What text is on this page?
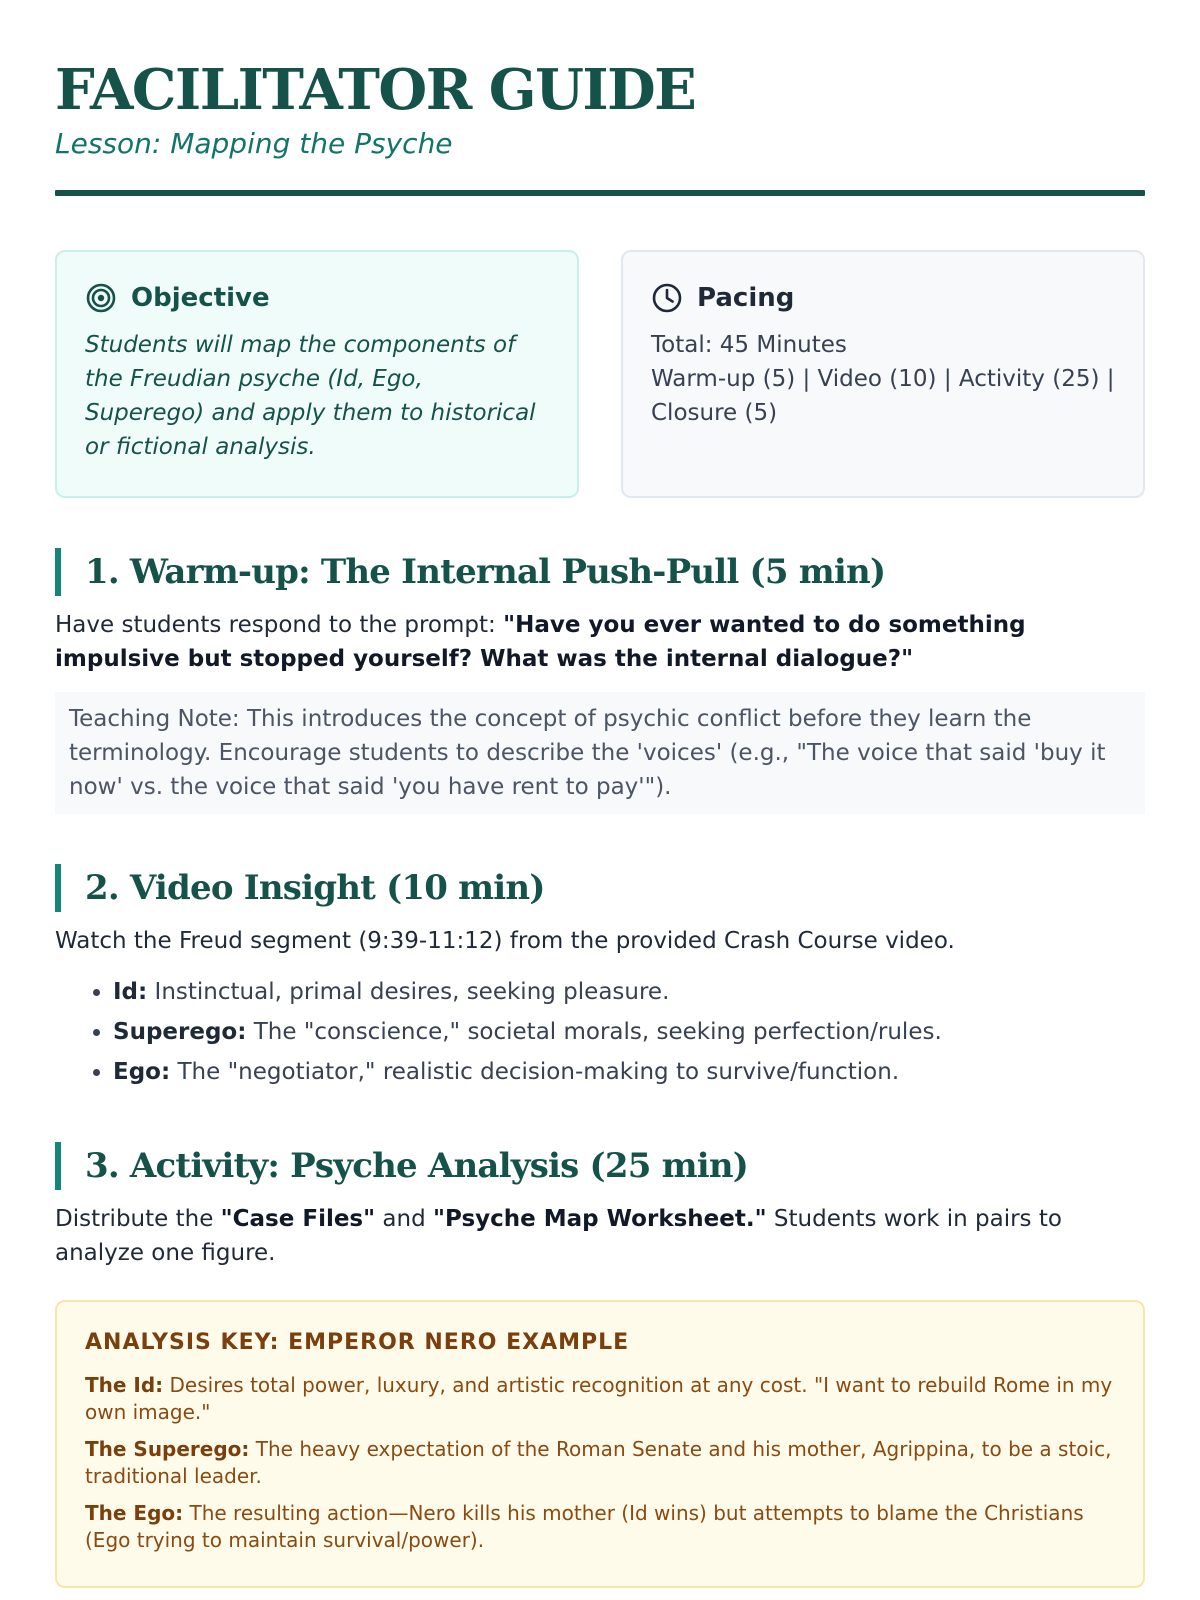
FACILITATOR GUIDE

Lesson: Mapping the Psyche

Objective

Students will map the components of the Freudian psyche (Id, Ego, Superego) and apply them to historical or fictional analysis.

Pacing

Total: 45 Minutes

Warm-up (5) | Video (10) | Activity (25) | Closure (5)

1. Warm-up: The Internal Push-Pull (5 min)

Have students respond to the prompt: "Have you ever wanted to do something impulsive but stopped yourself? What was the internal dialogue?"

Teaching Note: This introduces the concept of psychic conflict before they learn the terminology. Encourage students to describe the 'voices' (e.g., "The voice that said 'buy it now' vs. the voice that said 'you have rent to pay'").
2. Video Insight (10 min)

Watch the Freud segment (9:39-11:12) from the provided Crash Course video.

• Id: Instinctual, primal desires, seeking pleasure.
• Superego: The "conscience," societal morals, seeking perfection/rules.
• Ego: The "negotiator," realistic decision-making to survive/function.
3. Activity: Psyche Analysis (25 min)

Distribute the "Case Files" and "Psyche Map Worksheet." Students work in pairs to analyze one figure.

ANALYSIS KEY: EMPEROR NERO EXAMPLE

The Id: Desires total power, luxury, and artistic recognition at any cost. "I want to rebuild Rome in my own image."

The Superego: The heavy expectation of the Roman Senate and his mother, Agrippina, to be a stoic, traditional leader.

The Ego: The resulting action—Nero kills his mother (Id wins) but attempts to blame the Christians (Ego trying to maintain survival/power).
